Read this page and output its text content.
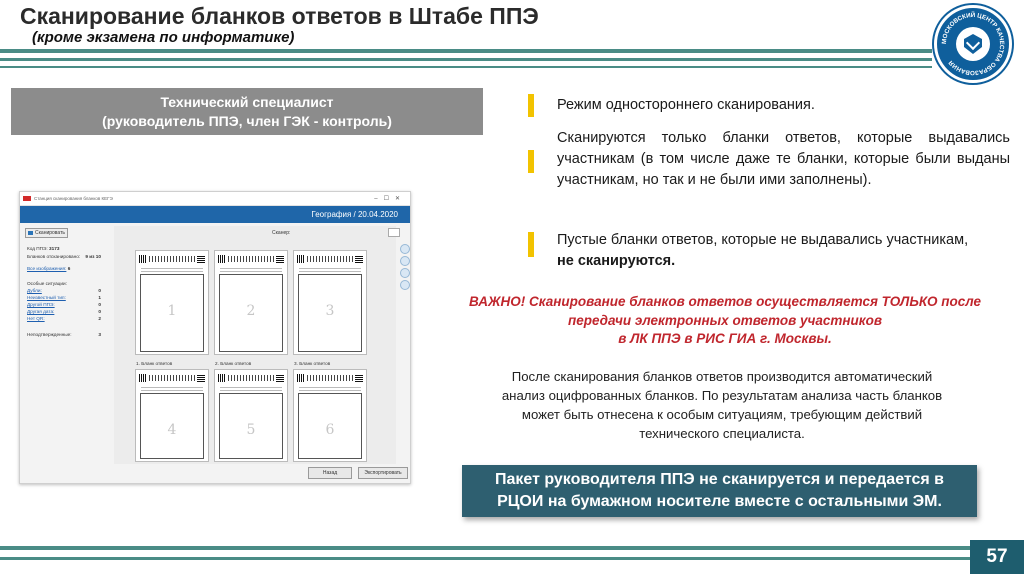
Сканирование бланков ответов в Штабе ППЭ
(кроме экзамена по информатике)	МОСКОВСКИЙ ЦЕНТР КАЧЕСТВА ОБРАЗОВАНИЯ
Технический специалист
(руководитель ППЭ, член ГЭК - контроль)
Станция сканирования бланков КЕГЭ	–☐✕
География / 20.04.2020
Сканировать
Код ППЭ: 3173
Бланков отсканировано: 9 из 10
Все изображения: 6
Особые ситуации:
Дубли:	0
Неизвестный тип:	1
Другой ППЭ:	0
Другая дата:	0
Нет QR:	2
Неподтвержденные:	3
Сканер:
1	2	3
1. Бланк ответов	2. Бланк ответов	3. Бланк ответов
4	5	6
Назад	Экспортировать
Режим одностороннего сканирования.
Сканируются только бланки ответов, которые выдавались участникам (в том числе даже те бланки, которые были выданы участникам, но так и не были ими заполнены).
Пустые бланки ответов, которые не выдавались участникам, не сканируются.
ВАЖНО! Сканирование бланков ответов осуществляется ТОЛЬКО после
передачи электронных ответов участников
в ЛК ППЭ в РИС ГИА г. Москвы.
После сканирования бланков ответов производится автоматический
анализ оцифрованных бланков. По результатам анализа часть бланков
может быть отнесена к особым ситуациям, требующим действий
технического специалиста.
Пакет руководителя ППЭ не сканируется и передается в
РЦОИ на бумажном носителе вместе с остальными ЭМ.
57
